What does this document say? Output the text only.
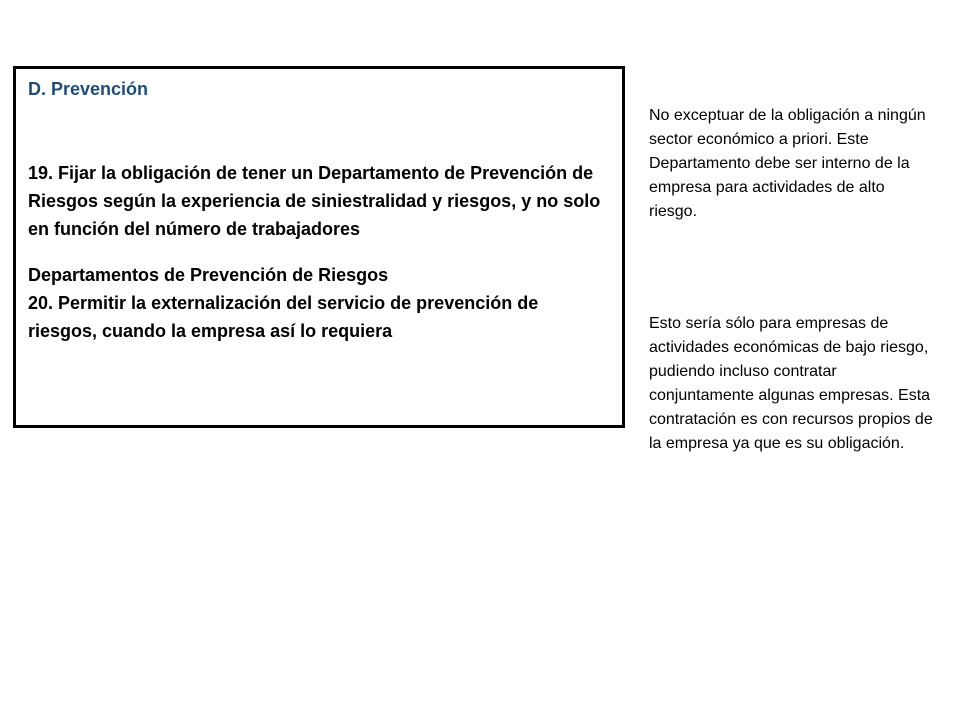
D. Prevención

19. Fijar la obligación de tener un Departamento de Prevención de Riesgos según la experiencia de siniestralidad y riesgos, y no solo en función del número de trabajadores

Departamentos de Prevención de Riesgos

20. Permitir la externalización del servicio de prevención de riesgos, cuando la empresa así lo requiera

No exceptuar de la obligación a ningún sector económico a priori. Este Departamento debe ser interno de la empresa para actividades de alto riesgo.

Esto sería sólo para empresas de actividades económicas de bajo riesgo, pudiendo incluso contratar conjuntamente algunas empresas. Esta contratación es con recursos propios de la empresa ya que es su obligación.
